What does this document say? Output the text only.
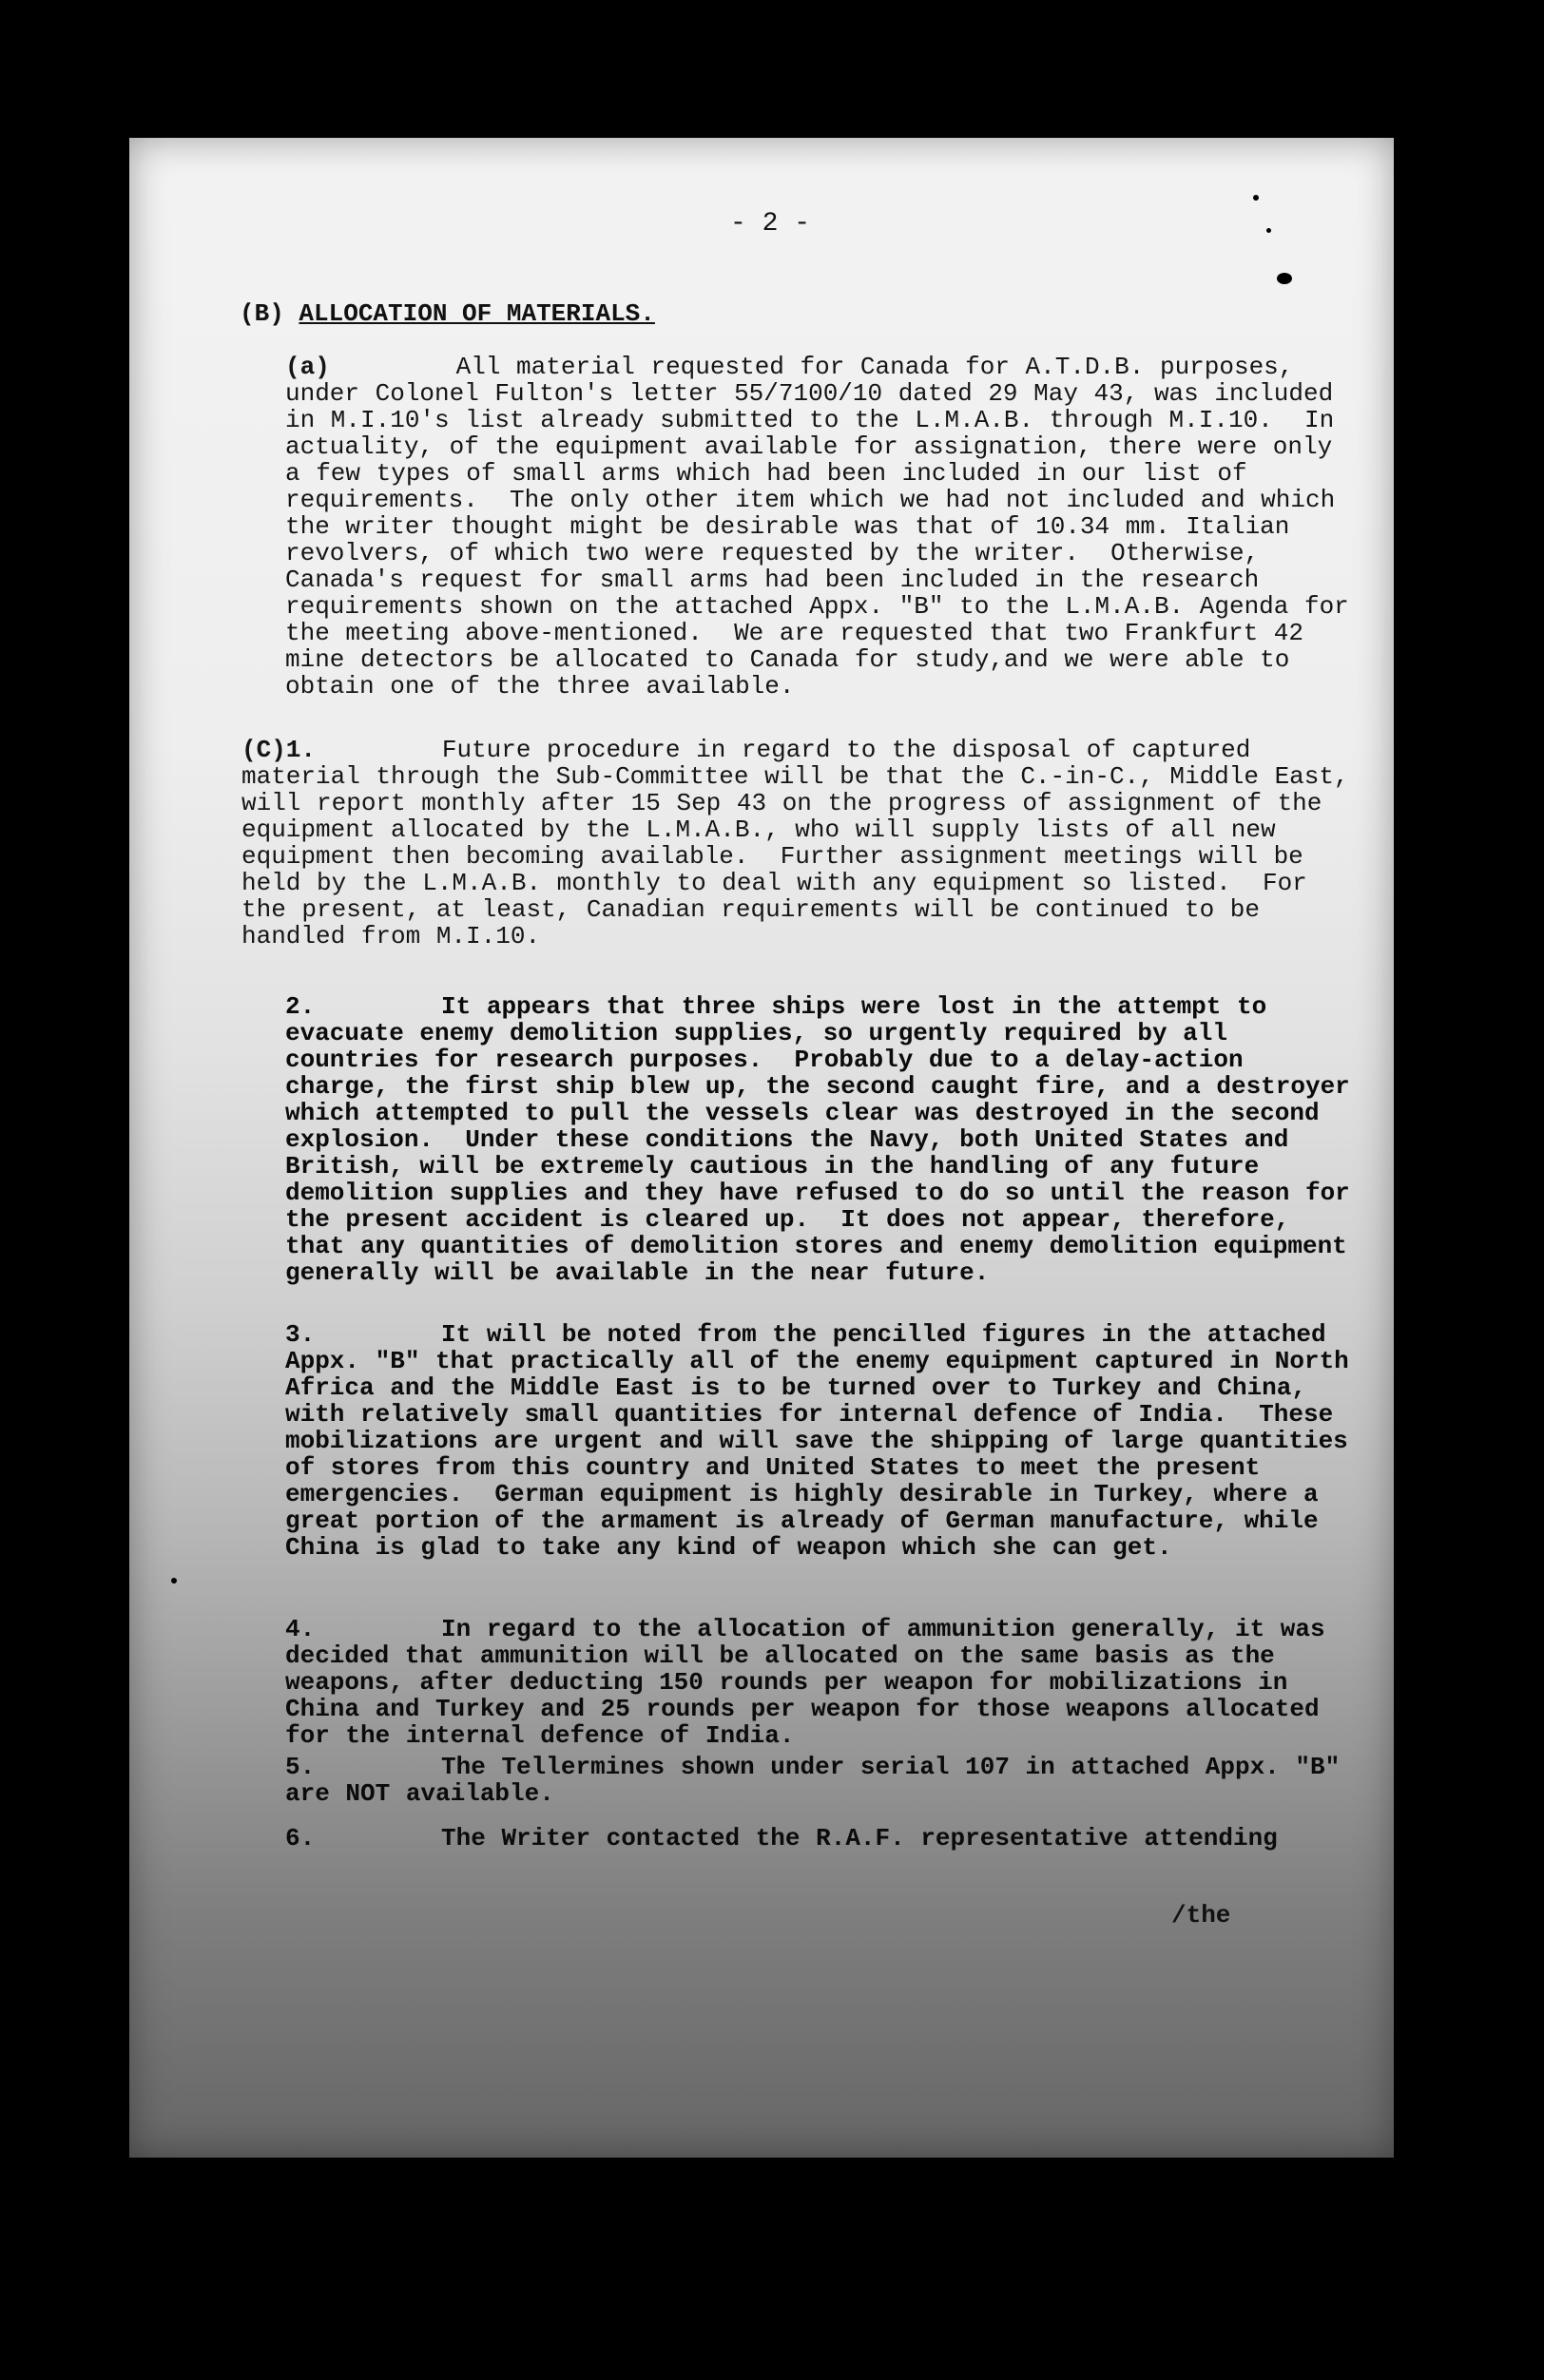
- 2 -
(B) ALLOCATION OF MATERIALS.
(a)	All material requested for Canada for A.T.D.B. purposes, under Colonel Fulton's letter 55/7100/10 dated 29 May 43, was included in M.I.10's list already submitted to the L.M.A.B. through M.I.10.  In actuality, of the equipment available for assignation, there were only a few types of small arms which had been included in our list of requirements.  The only other item which we had not included and which the writer thought might be desirable was that of 10.34 mm. Italian revolvers, of which two were requested by the writer.  Otherwise, Canada's request for small arms had been included in the research requirements shown on the attached Appx. "B" to the L.M.A.B. Agenda for the meeting above-mentioned.  We are requested that two Frankfurt 42 mine detectors be allocated to Canada for study,and we were able to obtain one of the three available.
(C)1.	Future procedure in regard to the disposal of captured material through the Sub-Committee will be that the C.-in-C., Middle East, will report monthly after 15 Sep 43 on the progress of assignment of the equipment allocated by the L.M.A.B., who will supply lists of all new equipment then becoming available.  Further assignment meetings will be held by the L.M.A.B. monthly to deal with any equipment so listed.  For the present, at least, Canadian requirements will be continued to be handled from M.I.10.
2.	It appears that three ships were lost in the attempt to evacuate enemy demolition supplies, so urgently required by all countries for research purposes.  Probably due to a delay-action charge, the first ship blew up, the second caught fire, and a destroyer which attempted to pull the vessels clear was destroyed in the second explosion.  Under these conditions the Navy, both United States and British, will be extremely cautious in the handling of any future demolition supplies and they have refused to do so until the reason for the present accident is cleared up.  It does not appear, therefore, that any quantities of demolition stores and enemy demolition equipment generally will be available in the near future.
3.	It will be noted from the pencilled figures in the attached Appx. "B" that practically all of the enemy equipment captured in North Africa and the Middle East is to be turned over to Turkey and China, with relatively small quantities for internal defence of India.  These mobilizations are urgent and will save the shipping of large quantities of stores from this country and United States to meet the present emergencies.  German equipment is highly desirable in Turkey, where a great portion of the armament is already of German manufacture, while China is glad to take any kind of weapon which she can get.
4.	In regard to the allocation of ammunition generally, it was decided that ammunition will be allocated on the same basis as the weapons, after deducting 150 rounds per weapon for mobilizations in China and Turkey and 25 rounds per weapon for those weapons allocated for the internal defence of India.
5.	The Tellermines shown under serial 107 in attached Appx. "B" are NOT available.
6.	The Writer contacted the R.A.F. representative attending
/the
